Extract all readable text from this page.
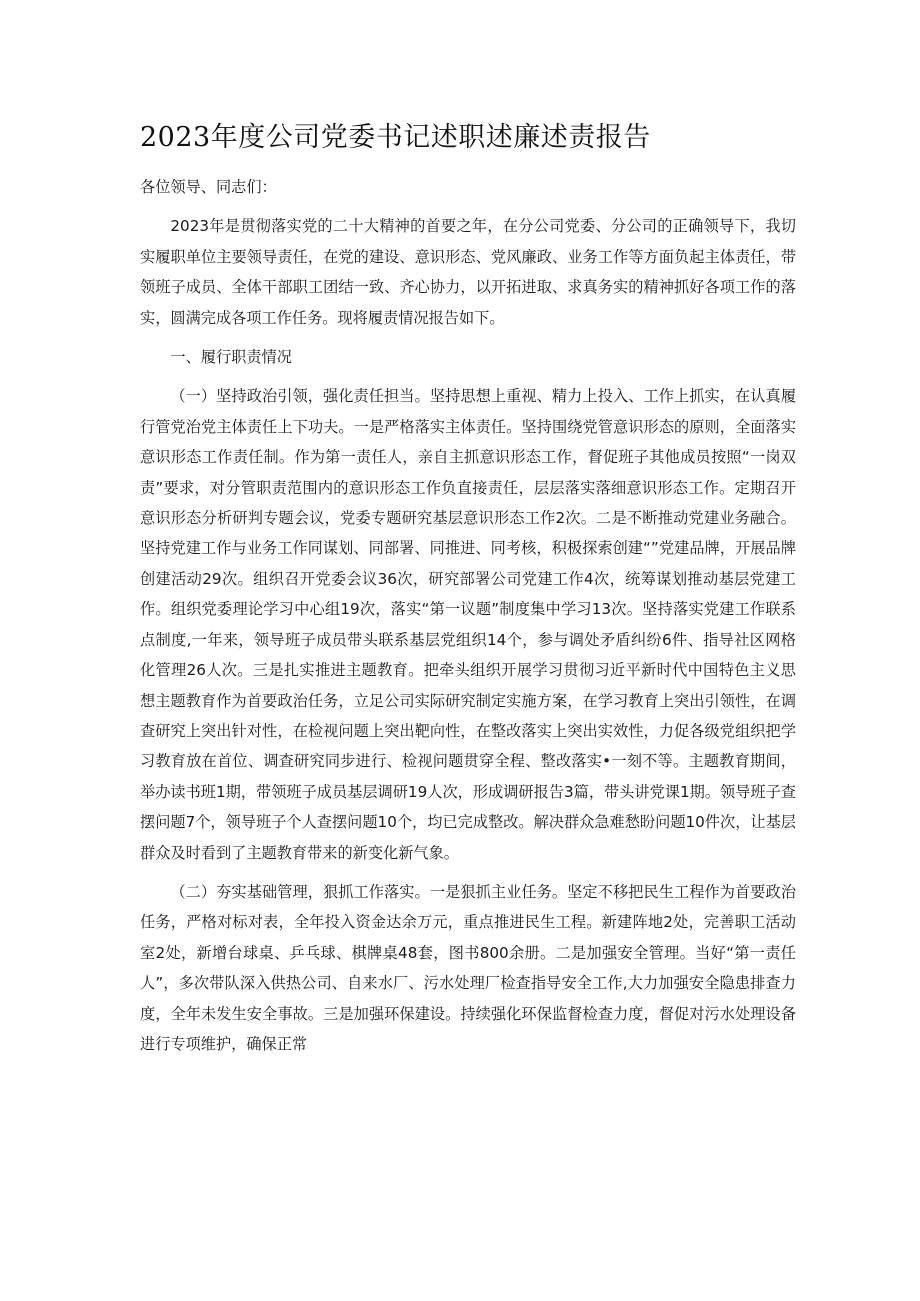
2023年度公司党委书记述职述廉述责报告

各位领导、同志们：

2023年是贯彻落实党的二十大精神的首要之年，在分公司党委、分公司的正确领导下，我切实履职单位主要领导责任，在党的建设、意识形态、党风廉政、业务工作等方面负起主体责任，带领班子成员、全体干部职工团结一致、齐心协力，以开拓进取、求真务实的精神抓好各项工作的落实，圆满完成各项工作任务。现将履责情况报告如下。

一、履行职责情况

（一）坚持政治引领，强化责任担当。坚持思想上重视、精力上投入、工作上抓实，在认真履行管党治党主体责任上下功夫。一是严格落实主体责任。坚持围绕党管意识形态的原则，全面落实意识形态工作责任制。作为第一责任人，亲自主抓意识形态工作，督促班子其他成员按照“一岗双责”要求，对分管职责范围内的意识形态工作负直接责任，层层落实落细意识形态工作。定期召开意识形态分析研判专题会议，党委专题研究基层意识形态工作2次。二是不断推动党建业务融合。坚持党建工作与业务工作同谋划、同部署、同推进、同考核，积极探索创建“”党建品牌，开展品牌创建活动29次。组织召开党委会议36次，研究部署公司党建工作4次，统筹谋划推动基层党建工作。组织党委理论学习中心组19次，落实“第一议题”制度集中学习13次。坚持落实党建工作联系点制度,一年来，领导班子成员带头联系基层党组织14个，参与调处矛盾纠纷6件、指导社区网格化管理26人次。三是扎实推进主题教育。把牵头组织开展学习贯彻习近平新时代中国特色主义思想主题教育作为首要政治任务，立足公司实际研究制定实施方案，在学习教育上突出引领性，在调查研究上突出针对性，在检视问题上突出靶向性，在整改落实上突出实效性，力促各级党组织把学习教育放在首位、调查研究同步进行、检视问题贯穿全程、整改落实•一刻不等。主题教育期间，举办读书班1期，带领班子成员基层调研19人次，形成调研报告3篇，带头讲党课1期。领导班子查摆问题7个，领导班子个人查摆问题10个，均已完成整改。解决群众急难愁盼问题10件次，让基层群众及时看到了主题教育带来的新变化新气象。

（二）夯实基础管理，狠抓工作落实。一是狠抓主业任务。坚定不移把民生工程作为首要政治任务，严格对标对表，全年投入资金达余万元，重点推进民生工程。新建阵地2处，完善职工活动室2处，新增台球桌、乒乓球、棋牌桌48套，图书800余册。二是加强安全管理。当好“第一责任人”，多次带队深入供热公司、自来水厂、污水处理厂检查指导安全工作,大力加强安全隐患排查力度，全年未发生安全事故。三是加强环保建设。持续强化环保监督检查力度，督促对污水处理设备进行专项维护，确保正常
